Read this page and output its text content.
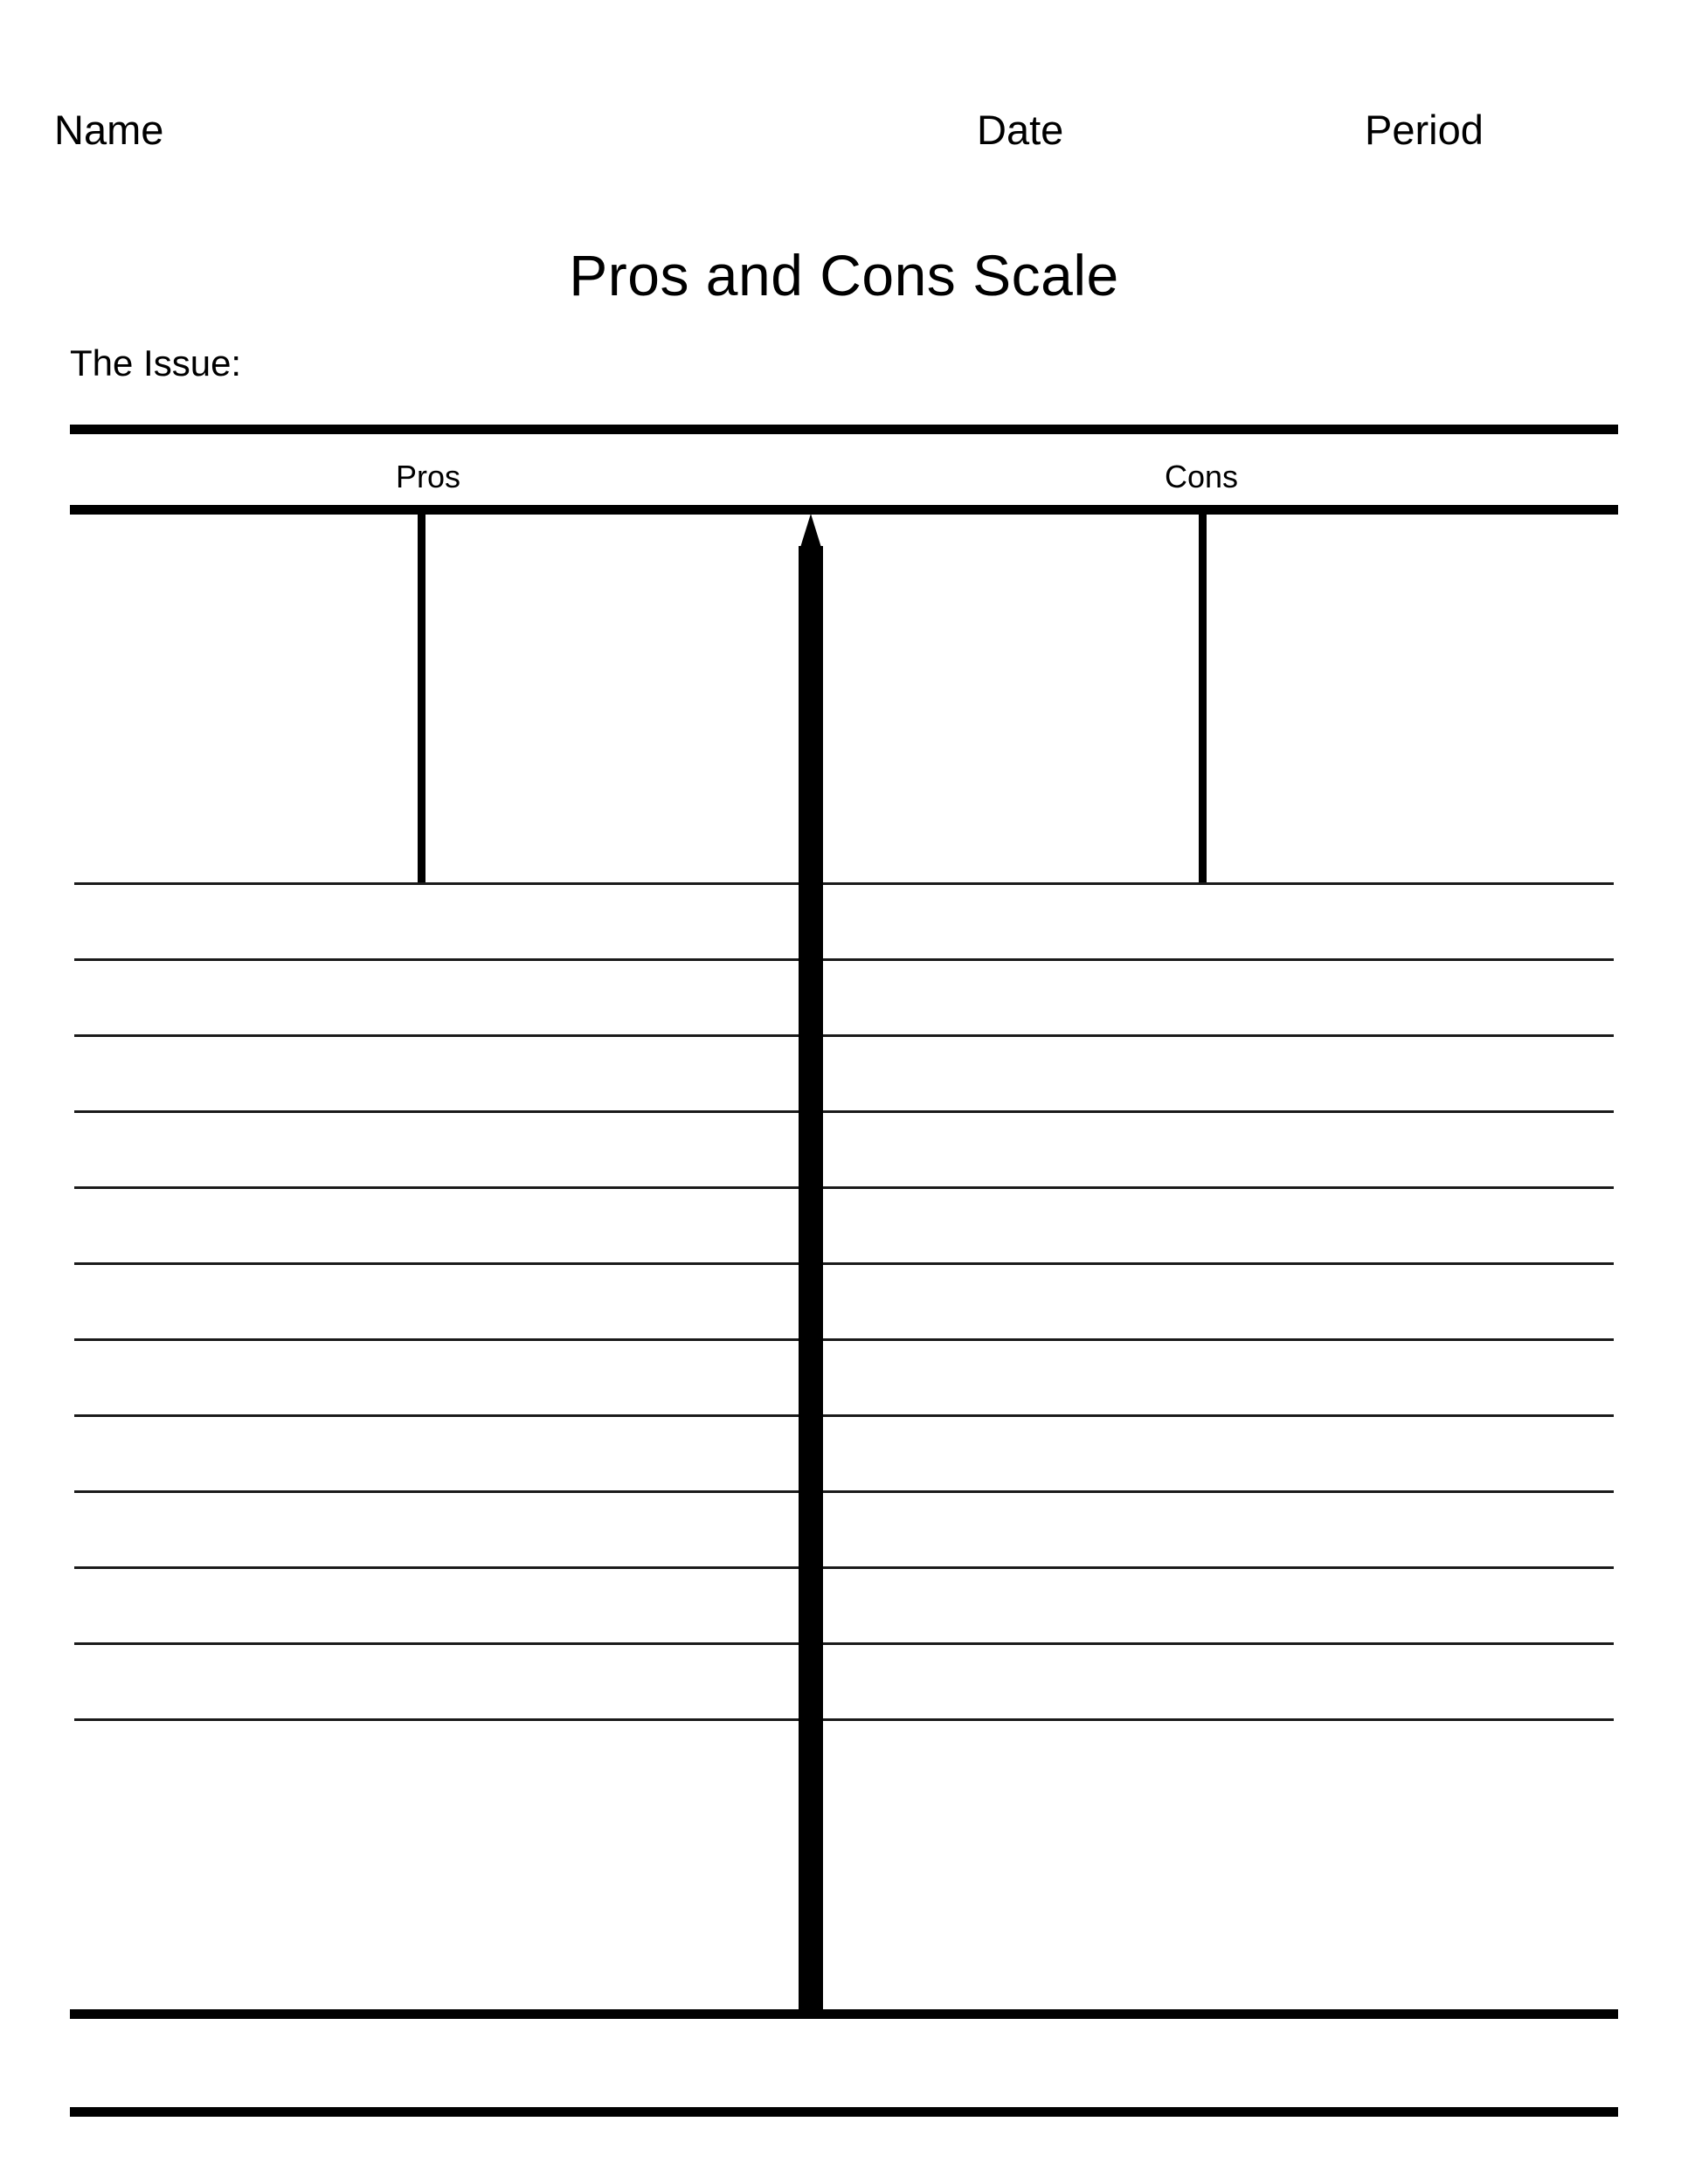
Name	Date	Period
Pros and Cons Scale
The Issue:
Pros	Cons
